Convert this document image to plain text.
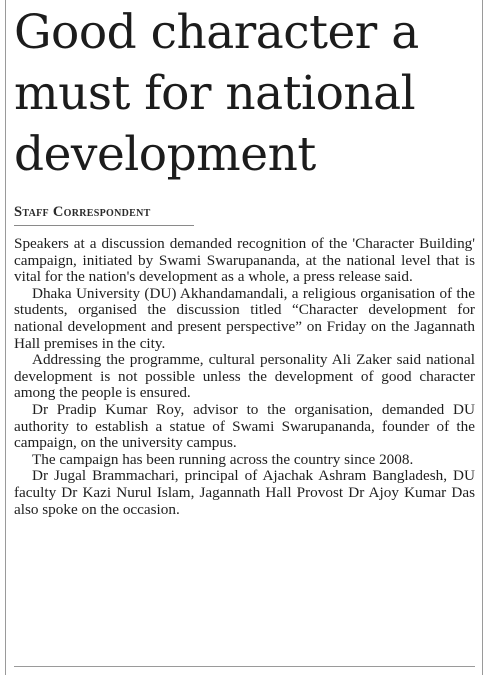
Good character a
must for national
development
Staff Correspondent

Speakers at a discussion demanded recognition of the 'Character Building' campaign, initiated by Swami Swarupananda, at the national level that is vital for the nation's development as a whole, a press release said.

Dhaka University (DU) Akhandamandali, a religious organisation of the students, organised the discussion titled “Character development for national development and present perspective” on Friday on the Jagannath Hall premises in the city.

Addressing the programme, cultural personality Ali Zaker said national development is not possible unless the development of good character among the people is ensured.

Dr Pradip Kumar Roy, advisor to the organisation, demanded DU authority to establish a statue of Swami Swarupananda, founder of the campaign, on the university campus.

The campaign has been running across the country since 2008.

Dr Jugal Brammachari, principal of Ajachak Ashram Bangladesh, DU faculty Dr Kazi Nurul Islam, Jagannath Hall Provost Dr Ajoy Kumar Das also spoke on the occasion.
